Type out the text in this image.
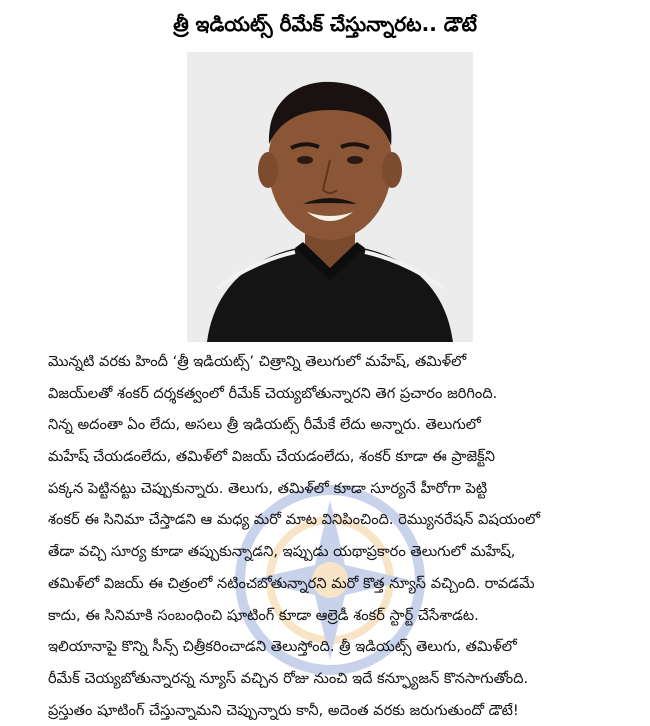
త్రీ ఇడియట్స్ రీమేక్ చేస్తున్నారట.. డౌటే
మొన్నటి వరకు హిందీ ‘త్రీ ఇడియట్స్’ చిత్రాన్ని తెలుగులో మహేష్, తమిళ్‌లో
విజయ్‌లతో శంకర్ దర్శకత్వంలో రీమేక్ చెయ్యబోతున్నారని తెగ ప్రచారం జరిగింది.
నిన్న అదంతా ఏం లేదు, అసలు త్రీ ఇడియట్స్ రీమేకే లేదు అన్నారు. తెలుగులో
మహేష్ చేయడంలేదు, తమిళ్‌లో విజయ్ చేయడంలేదు, శంకర్ కూడా ఈ ప్రాజెక్ట్‌ని
పక్కన పెట్టినట్టు చెప్పుకున్నారు. తెలుగు, తమిళ్‌లో కూడా సూర్యనే హీరోగా పెట్టి
శంకర్ ఈ సినిమా చేస్తాడని ఆ మధ్య మరో మాట వినిపించింది. రెమ్యునరేషన్ విషయంలో
తేడా వచ్చి సూర్య కూడా తప్పుకున్నాడని, ఇప్పుడు యథాప్రకారం తెలుగులో మహేష్,
తమిళ్‌లో విజయ్ ఈ చిత్రంలో నటించబోతున్నారని మరో కొత్త న్యూస్ వచ్చింది. రావడమే
కాదు, ఈ సినిమాకి సంబంధించి షూటింగ్ కూడా ఆల్రెడీ శంకర్ స్టార్ట్ చేసేశాడట.
ఇలియానాపై కొన్ని సీన్స్ చిత్రీకరించాడని తెలుస్తోంది. త్రీ ఇడియట్స్ తెలుగు, తమిళ్‌లో
రీమేక్ చెయ్యబోతున్నారన్న న్యూస్ వచ్చిన రోజు నుంచి ఇదే కన్ఫ్యూజన్ కొనసాగుతోంది.
ప్రస్తుతం షూటింగ్ చేస్తున్నామని చెప్పున్నారు కానీ, అదెంత వరకు జరుగుతుందో డౌటే!
